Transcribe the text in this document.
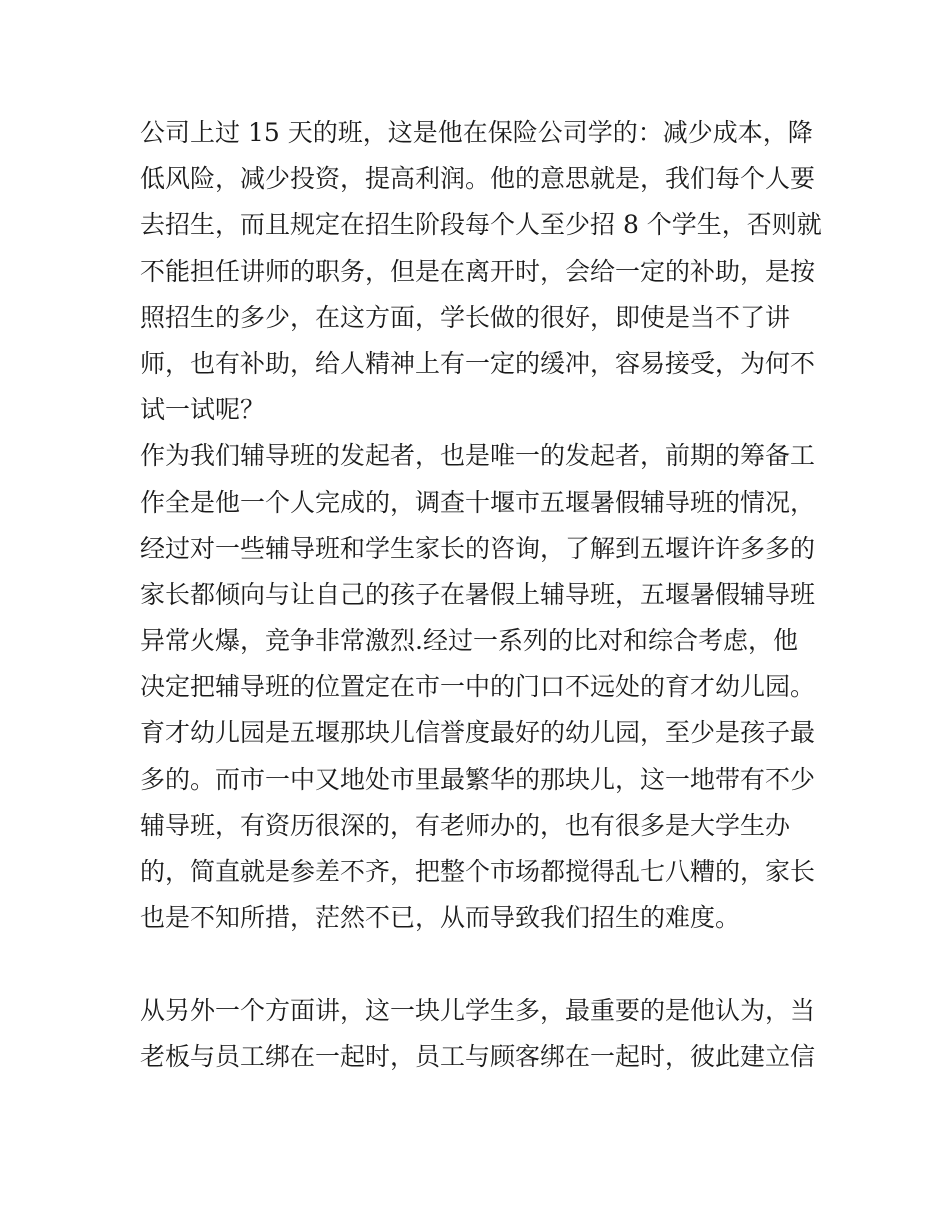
公司上过 15 天的班，这是他在保险公司学的：减少成本，降
低风险，减少投资，提高利润。他的意思就是，我们每个人要
去招生，而且规定在招生阶段每个人至少招 8 个学生，否则就
不能担任讲师的职务，但是在离开时，会给一定的补助，是按
照招生的多少，在这方面，学长做的很好，即使是当不了讲
师，也有补助，给人精神上有一定的缓冲，容易接受，为何不
试一试呢？
作为我们辅导班的发起者，也是唯一的发起者，前期的筹备工
作全是他一个人完成的，调查十堰市五堰暑假辅导班的情况，
经过对一些辅导班和学生家长的咨询，了解到五堰许许多多的
家长都倾向与让自己的孩子在暑假上辅导班，五堰暑假辅导班
异常火爆，竞争非常激烈.经过一系列的比对和综合考虑，他
决定把辅导班的位置定在市一中的门口不远处的育才幼儿园。
育才幼儿园是五堰那块儿信誉度最好的幼儿园，至少是孩子最
多的。而市一中又地处市里最繁华的那块儿，这一地带有不少
辅导班，有资历很深的，有老师办的，也有很多是大学生办
的，简直就是参差不齐，把整个市场都搅得乱七八糟的，家长
也是不知所措，茫然不已，从而导致我们招生的难度。
从另外一个方面讲，这一块儿学生多，最重要的是他认为，当
老板与员工绑在一起时，员工与顾客绑在一起时，彼此建立信
